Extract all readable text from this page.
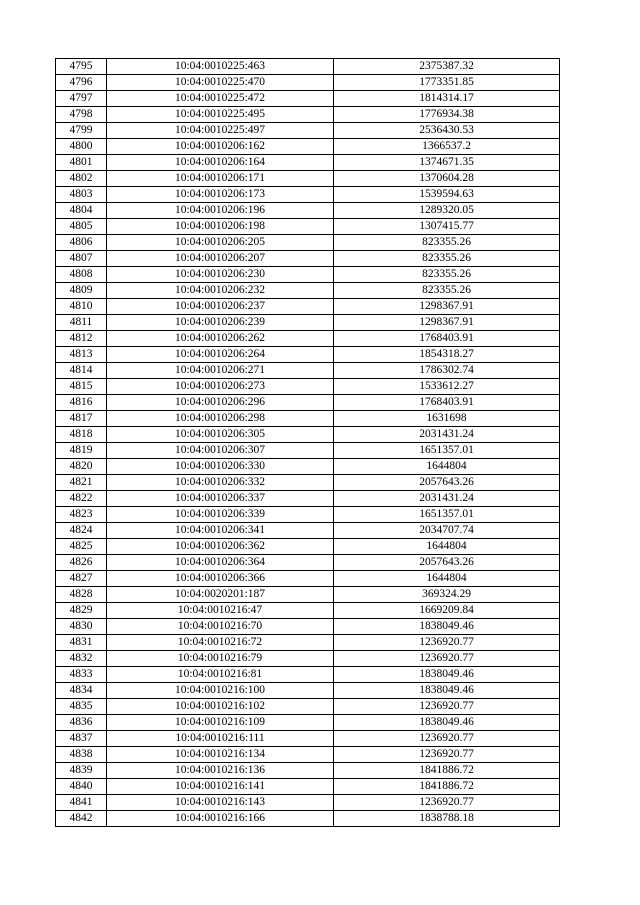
4795	10:04:0010225:463	2375387.32
4796	10:04:0010225:470	1773351.85
4797	10:04:0010225:472	1814314.17
4798	10:04:0010225:495	1776934.38
4799	10:04:0010225:497	2536430.53
4800	10:04:0010206:162	1366537.2
4801	10:04:0010206:164	1374671.35
4802	10:04:0010206:171	1370604.28
4803	10:04:0010206:173	1539594.63
4804	10:04:0010206:196	1289320.05
4805	10:04:0010206:198	1307415.77
4806	10:04:0010206:205	823355.26
4807	10:04:0010206:207	823355.26
4808	10:04:0010206:230	823355.26
4809	10:04:0010206:232	823355.26
4810	10:04:0010206:237	1298367.91
4811	10:04:0010206:239	1298367.91
4812	10:04:0010206:262	1768403.91
4813	10:04:0010206:264	1854318.27
4814	10:04:0010206:271	1786302.74
4815	10:04:0010206:273	1533612.27
4816	10:04:0010206:296	1768403.91
4817	10:04:0010206:298	1631698
4818	10:04:0010206:305	2031431.24
4819	10:04:0010206:307	1651357.01
4820	10:04:0010206:330	1644804
4821	10:04:0010206:332	2057643.26
4822	10:04:0010206:337	2031431.24
4823	10:04:0010206:339	1651357.01
4824	10:04:0010206:341	2034707.74
4825	10:04:0010206:362	1644804
4826	10:04:0010206:364	2057643.26
4827	10:04:0010206:366	1644804
4828	10:04:0020201:187	369324.29
4829	10:04:0010216:47	1669209.84
4830	10:04:0010216:70	1838049.46
4831	10:04:0010216:72	1236920.77
4832	10:04:0010216:79	1236920.77
4833	10:04:0010216:81	1838049.46
4834	10:04:0010216:100	1838049.46
4835	10:04:0010216:102	1236920.77
4836	10:04:0010216:109	1838049.46
4837	10:04:0010216:111	1236920.77
4838	10:04:0010216:134	1236920.77
4839	10:04:0010216:136	1841886.72
4840	10:04:0010216:141	1841886.72
4841	10:04:0010216:143	1236920.77
4842	10:04:0010216:166	1838788.18
